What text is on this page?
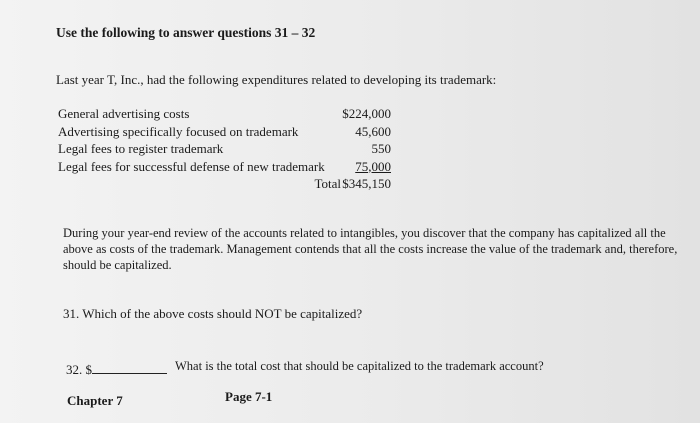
Use the following to answer questions 31 – 32
Last year T, Inc., had the following expenditures related to developing its trademark:
General advertising costs	$224,000
Advertising specifically focused on trademark	45,600
Legal fees to register trademark	550
Legal fees for successful defense of new trademark 75,000
Total $345,150
During your year-end review of the accounts related to intangibles, you discover that the company has capitalized all the above as costs of the trademark. Management contends that all the costs increase the value of the trademark and, therefore, should be capitalized.
31. Which of the above costs should NOT be capitalized?
32. $	What is the total cost that should be capitalized to the trademark account?
Chapter 7	Page 7-1
